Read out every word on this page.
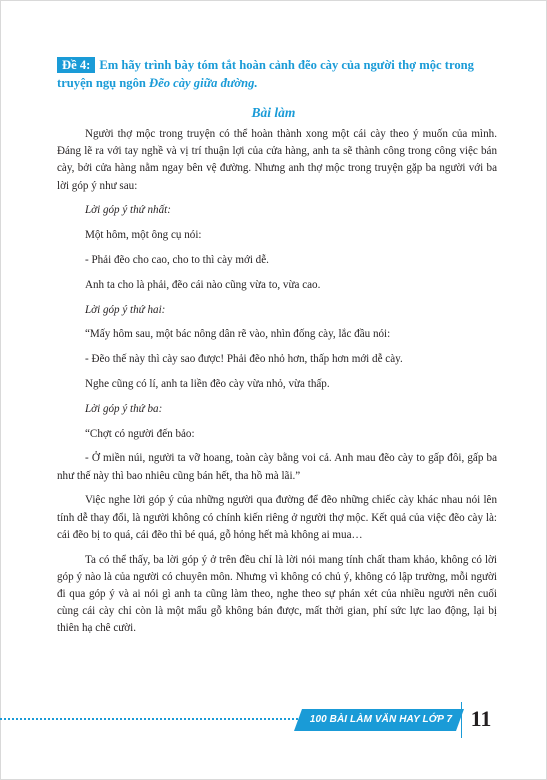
Đề 4: Em hãy trình bày tóm tắt hoàn cảnh đẽo cày của người thợ mộc trong truyện ngụ ngôn Đẽo cày giữa đường.
Bài làm

Người thợ mộc trong truyện có thể hoàn thành xong một cái cày theo ý muốn của mình. Đáng lẽ ra với tay nghề và vị trí thuận lợi của cửa hàng, anh ta sẽ thành công trong công việc bán cày, bởi cửa hàng nằm ngay bên vệ đường. Nhưng anh thợ mộc trong truyện gặp ba người với ba lời góp ý như sau:

Lời góp ý thứ nhất:

Một hôm, một ông cụ nói:

- Phải đẽo cho cao, cho to thì cày mới dễ.

Anh ta cho là phải, đẽo cái nào cũng vừa to, vừa cao.

Lời góp ý thứ hai:

“Mấy hôm sau, một bác nông dân rẽ vào, nhìn đống cày, lắc đầu nói:

- Đẽo thế này thì cày sao được! Phải đẽo nhỏ hơn, thấp hơn mới dễ cày.

Nghe cũng có lí, anh ta liền đẽo cày vừa nhỏ, vừa thấp.

Lời góp ý thứ ba:

“Chợt có người đến bảo:

- Ở miền núi, người ta vỡ hoang, toàn cày bằng voi cả. Anh mau đẽo cày to gấp đôi, gấp ba như thế này thì bao nhiêu cũng bán hết, tha hồ mà lãi.”

Việc nghe lời góp ý của những người qua đường để đẽo những chiếc cày khác nhau nói lên tính dễ thay đổi, là người không có chính kiến riêng ở người thợ mộc. Kết quả của việc đẽo cày là: cái đẽo bị to quá, cái đẽo thì bé quá, gỗ hỏng hết mà không ai mua…

Ta có thể thấy, ba lời góp ý ở trên đều chỉ là lời nói mang tính chất tham khảo, không có lời góp ý nào là của người có chuyên môn. Nhưng vì không có chủ ý, không có lập trường, mỗi người đi qua góp ý và ai nói gì anh ta cũng làm theo, nghe theo sự phán xét của nhiều người nên cuối cùng cái cày chỉ còn là một mẩu gỗ không bán được, mất thời gian, phí sức lực lao động, lại bị thiên hạ chê cười.

100 BÀI LÀM VĂN HAY LỚP 7 11
